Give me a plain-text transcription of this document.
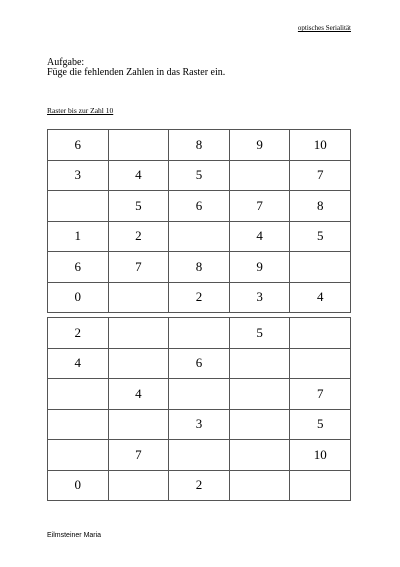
optisches Serialität
Aufgabe:
Füge die fehlenden Zahlen in das Raster ein.
Raster bis zur Zahl 10
6		8	9	10
3	4	5		7
	5	6	7	8
1	2		4	5
6	7	8	9	
0		2	3	4
2			5	
4		6		
	4			7
		3		5
	7			10
0		2		
Eilmsteiner Maria
